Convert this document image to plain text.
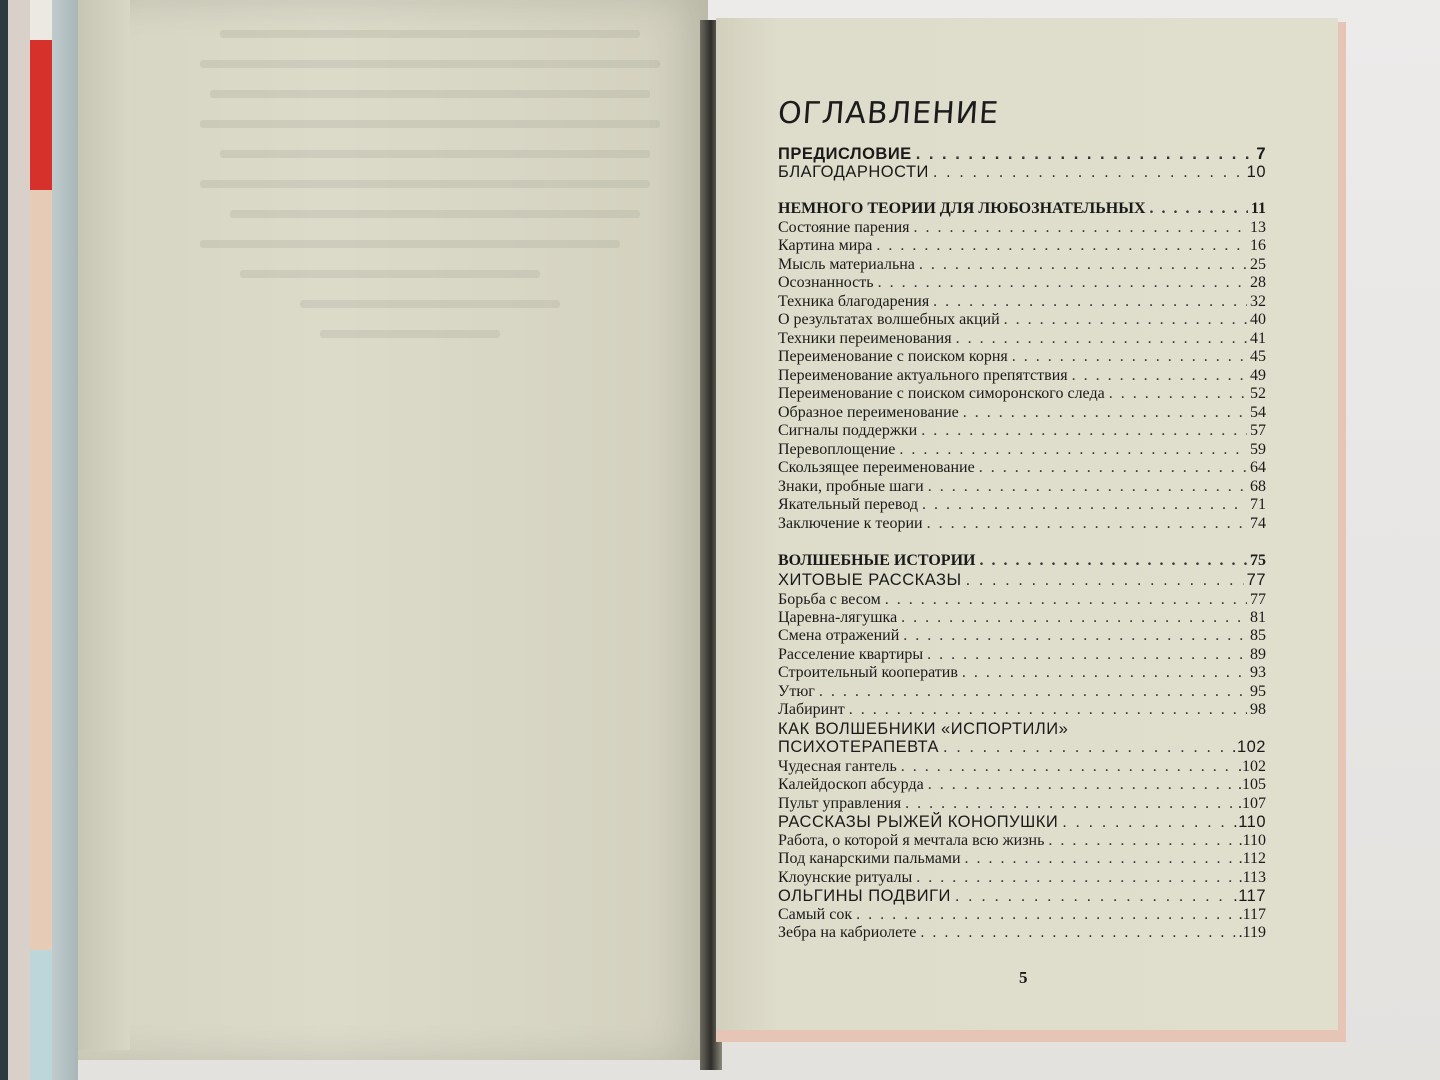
ОГЛАВЛЕНИЕ
ПРЕДИСЛОВИЕ . . .	7
БЛАГОДАРНОСТИ . . .	10
НЕМНОГО ТЕОРИИ ДЛЯ ЛЮБОЗНАТЕЛЬНЫХ . . .	11
Состояние парения . . .	13
Картина мира . . .	16
Мысль материальна . . .	25
Осознанность . . .	28
Техника благодарения . . .	32
О результатах волшебных акций . . .	40
Техники переименования . . .	41
Переименование с поиском корня . . .	45
Переименование актуального препятствия . . .	49
Переименование с поиском симоронского следа . . .	52
Образное переименование . . .	54
Сигналы поддержки . . .	57
Перевоплощение . . .	59
Скользящее переименование . . .	64
Знаки, пробные шаги . . .	68
Якательный перевод . . .	71
Заключение к теории . . .	74
ВОЛШЕБНЫЕ ИСТОРИИ . . .	75
ХИТОВЫЕ РАССКАЗЫ . . .	77
Борьба с весом . . .	77
Царевна-лягушка . . .	81
Смена отражений . . .	85
Расселение квартиры . . .	89
Строительный кооператив . . .	93
Утюг . . .	95
Лабиринт . . .	98
КАК ВОЛШЕБНИКИ «ИСПОРТИЛИ»
ПСИХОТЕРАПЕВТА . . .	.102
Чудесная гантель . . .	.102
Калейдоскоп абсурда . . .	.105
Пульт управления . . .	.107
РАССКАЗЫ РЫЖЕЙ КОНОПУШКИ . . .	.110
Работа, о которой я мечтала всю жизнь . . .	.110
Под канарскими пальмами . . .	.112
Клоунские ритуалы . . .	.113
ОЛЬГИНЫ ПОДВИГИ . . .	.117
Самый сок . . .	.117
Зебра на кабриолете . . .	.119
5
